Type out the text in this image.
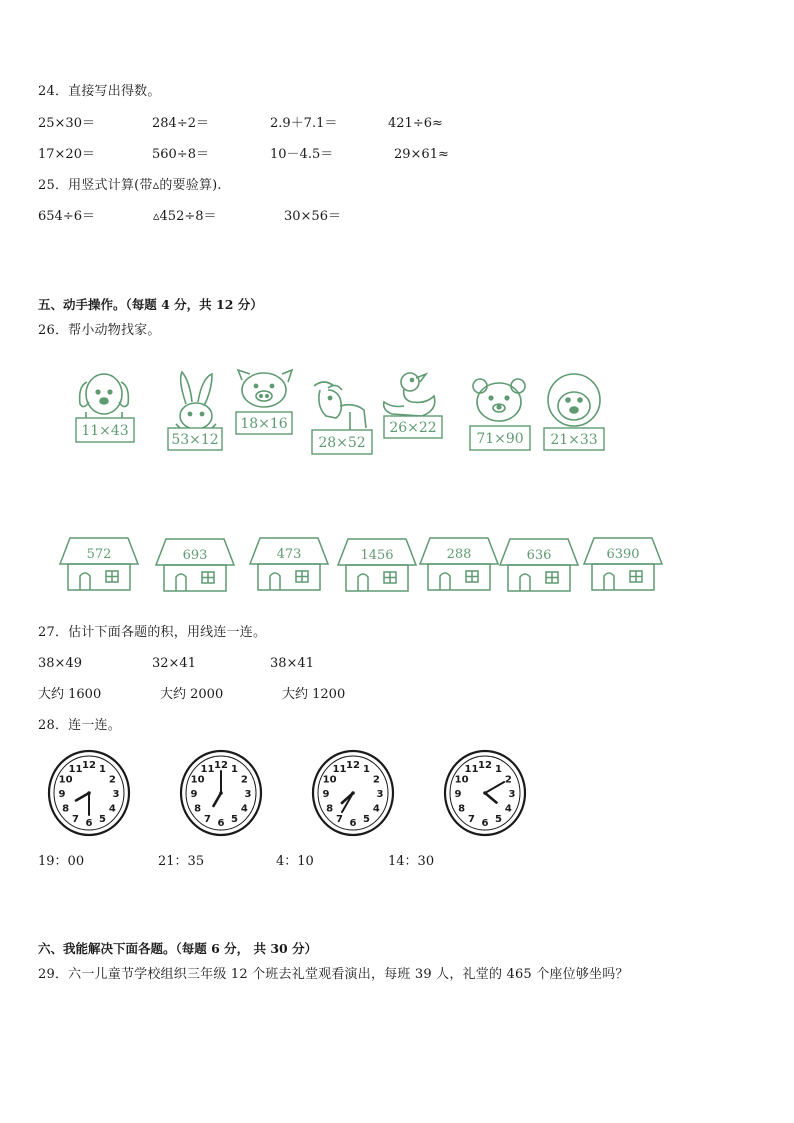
24．直接写出得数。
25×30＝	284÷2＝	2.9＋7.1＝	421÷6≈
17×20＝	560÷8＝	10－4.5＝	29×61≈
25．用竖式计算(带▵的要验算).
654÷6＝	▵452÷8＝	30×56＝
五、动手操作。（每题 4 分，共 12 分）
26．帮小动物找家。
11×43
53×12
18×16
28×52
26×22
71×90 21×33
572	693	473	1456	288	636	6390
27．估计下面各题的积，用线连一连。
38×49	32×41	38×41
大约 1600	大约 2000	大约 1200
28．连一连。
12 1
2
3
4
5
6
7
8
9
10
11	12 1
2
3
4
5
6
7
8
9
10
11	12 1
2
3
4
5
6
7
8
9
10
11	12 1
2
3
4
5
6
7
8
9
10
11
19：00	21：35	4：10	14：30
六、我能解决下面各题。（每题 6 分， 共 30 分）
29．六一儿童节学校组织三年级 12 个班去礼堂观看演出，每班 39 人，礼堂的 465 个座位够坐吗？
